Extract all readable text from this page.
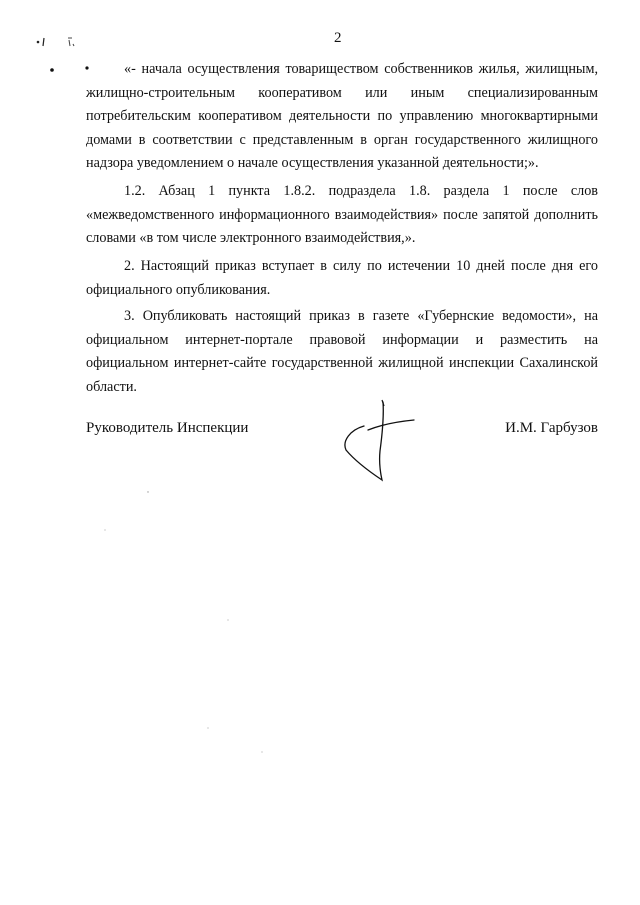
2

«- начала осуществления товариществом собственников жилья, жилищным, жилищно-строительным кооперативом или иным специализированным потребительским кооперативом деятельности по управлению многоквартирными домами в соответствии с представленным в орган государственного жилищного надзора уведомлением о начале осуществления указанной деятельности;».

1.2. Абзац 1 пункта 1.8.2. подраздела 1.8. раздела 1 после слов «межведомственного информационного взаимодействия» после запятой дополнить словами «в том числе электронного взаимодействия,».

2. Настоящий приказ вступает в силу по истечении 10 дней после дня его официального опубликования.

3. Опубликовать настоящий приказ в газете «Губернские ведомости», на официальном интернет-портале правовой информации и разместить на официальном интернет-сайте государственной жилищной инспекции Сахалинской области.

Руководитель Инспекции	И.М. Гарбузов
